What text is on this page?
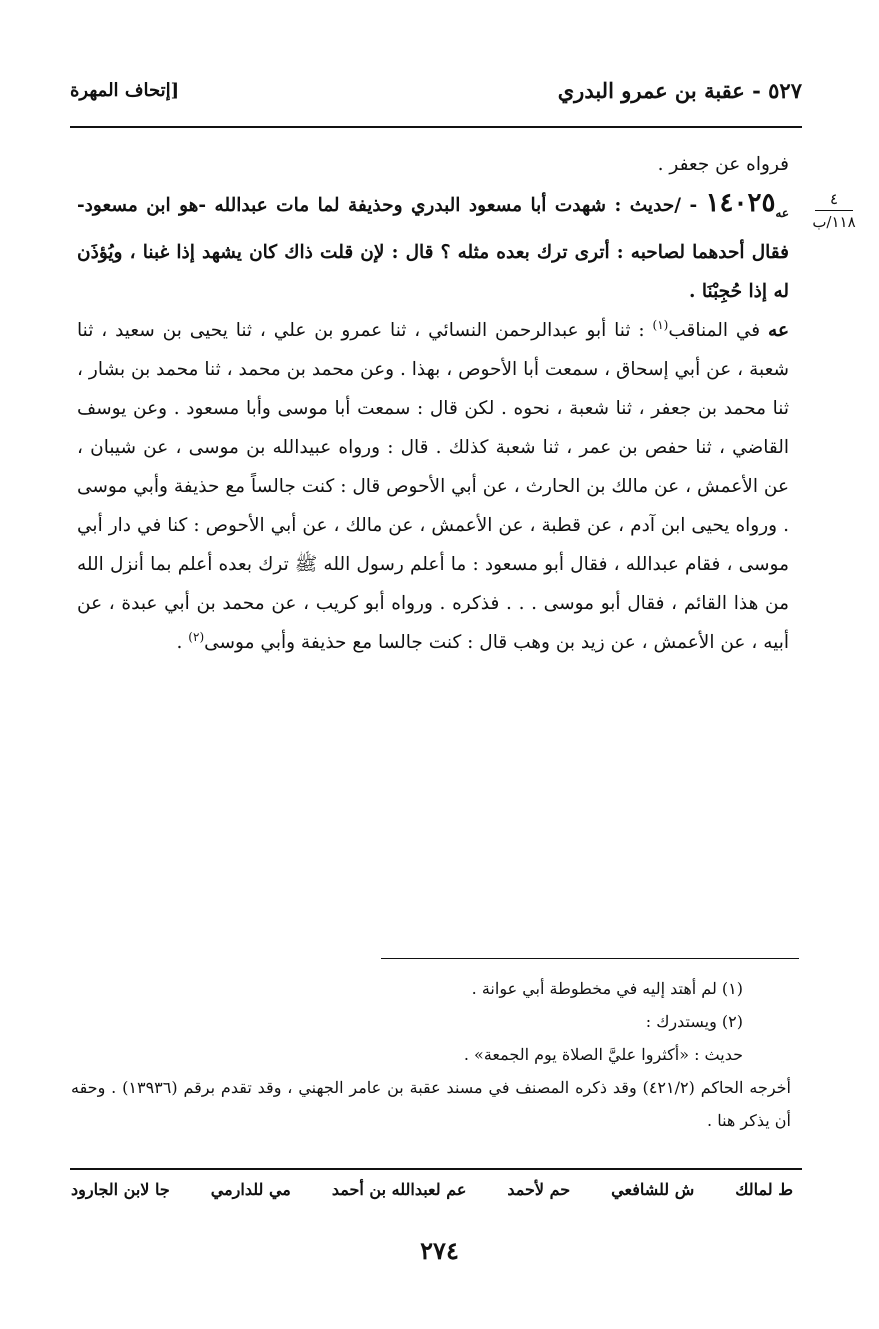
٥٢٧ - عقبة بن عمرو البدري
[إتحاف المهرة
٤
١١٨/ب

فرواه عن جعفر .

$_{عه}$١٤٠٢٥ - /حديث : شهدت أبا مسعود البدري وحذيفة لما مات عبدالله -هو ابن مسعود- فقال أحدهما لصاحبه : أترى ترك بعده مثله ؟ قال : لإن قلت ذاك كان يشهد إذا غبنا ، ويُؤذَن له إذا حُجِبْنَا .

عه في المناقب$^{(١)}$ : ثنا أبو عبدالرحمن النسائي ، ثنا عمرو بن علي ، ثنا يحيى بن سعيد ، ثنا شعبة ، عن أبي إسحاق ، سمعت أبا الأحوص ، بهذا . وعن محمد بن محمد ، ثنا محمد بن بشار ، ثنا محمد بن جعفر ، ثنا شعبة ، نحوه . لكن قال : سمعت أبا موسى وأبا مسعود . وعن يوسف القاضي ، ثنا حفص بن عمر ، ثنا شعبة كذلك . قال : ورواه عبيدالله بن موسى ، عن شيبان ، عن الأعمش ، عن مالك بن الحارث ، عن أبي الأحوص قال : كنت جالساً مع حذيفة وأبي موسى . ورواه يحيى ابن آدم ، عن قطبة ، عن الأعمش ، عن مالك ، عن أبي الأحوص : كنا في دار أبي موسى ، فقام عبدالله ، فقال أبو مسعود : ما أعلم رسول الله ﷺ ترك بعده أعلم بما أنزل الله من هذا القائم ، فقال أبو موسى . . . فذكره . ورواه أبو كريب ، عن محمد بن أبي عبدة ، عن أبيه ، عن الأعمش ، عن زيد بن وهب قال : كنت جالسا مع حذيفة وأبي موسى$^{(٢)}$ .

(١) لم أهتد إليه في مخطوطة أبي عوانة .

(٢) ويستدرك :

حديث : «أكثروا عليَّ الصلاة يوم الجمعة» .

أخرجه الحاكم (٤٢١/٢) وقد ذكره المصنف في مسند عقبة بن عامر الجهني ، وقد تقدم برقم (١٣٩٣٦) . وحقه أن يذكر هنا .

ط لمالك
ش للشافعي
حم لأحمد
عم لعبدالله بن أحمد
مي للدارمي
جا لابن الجارود
٢٧٤
